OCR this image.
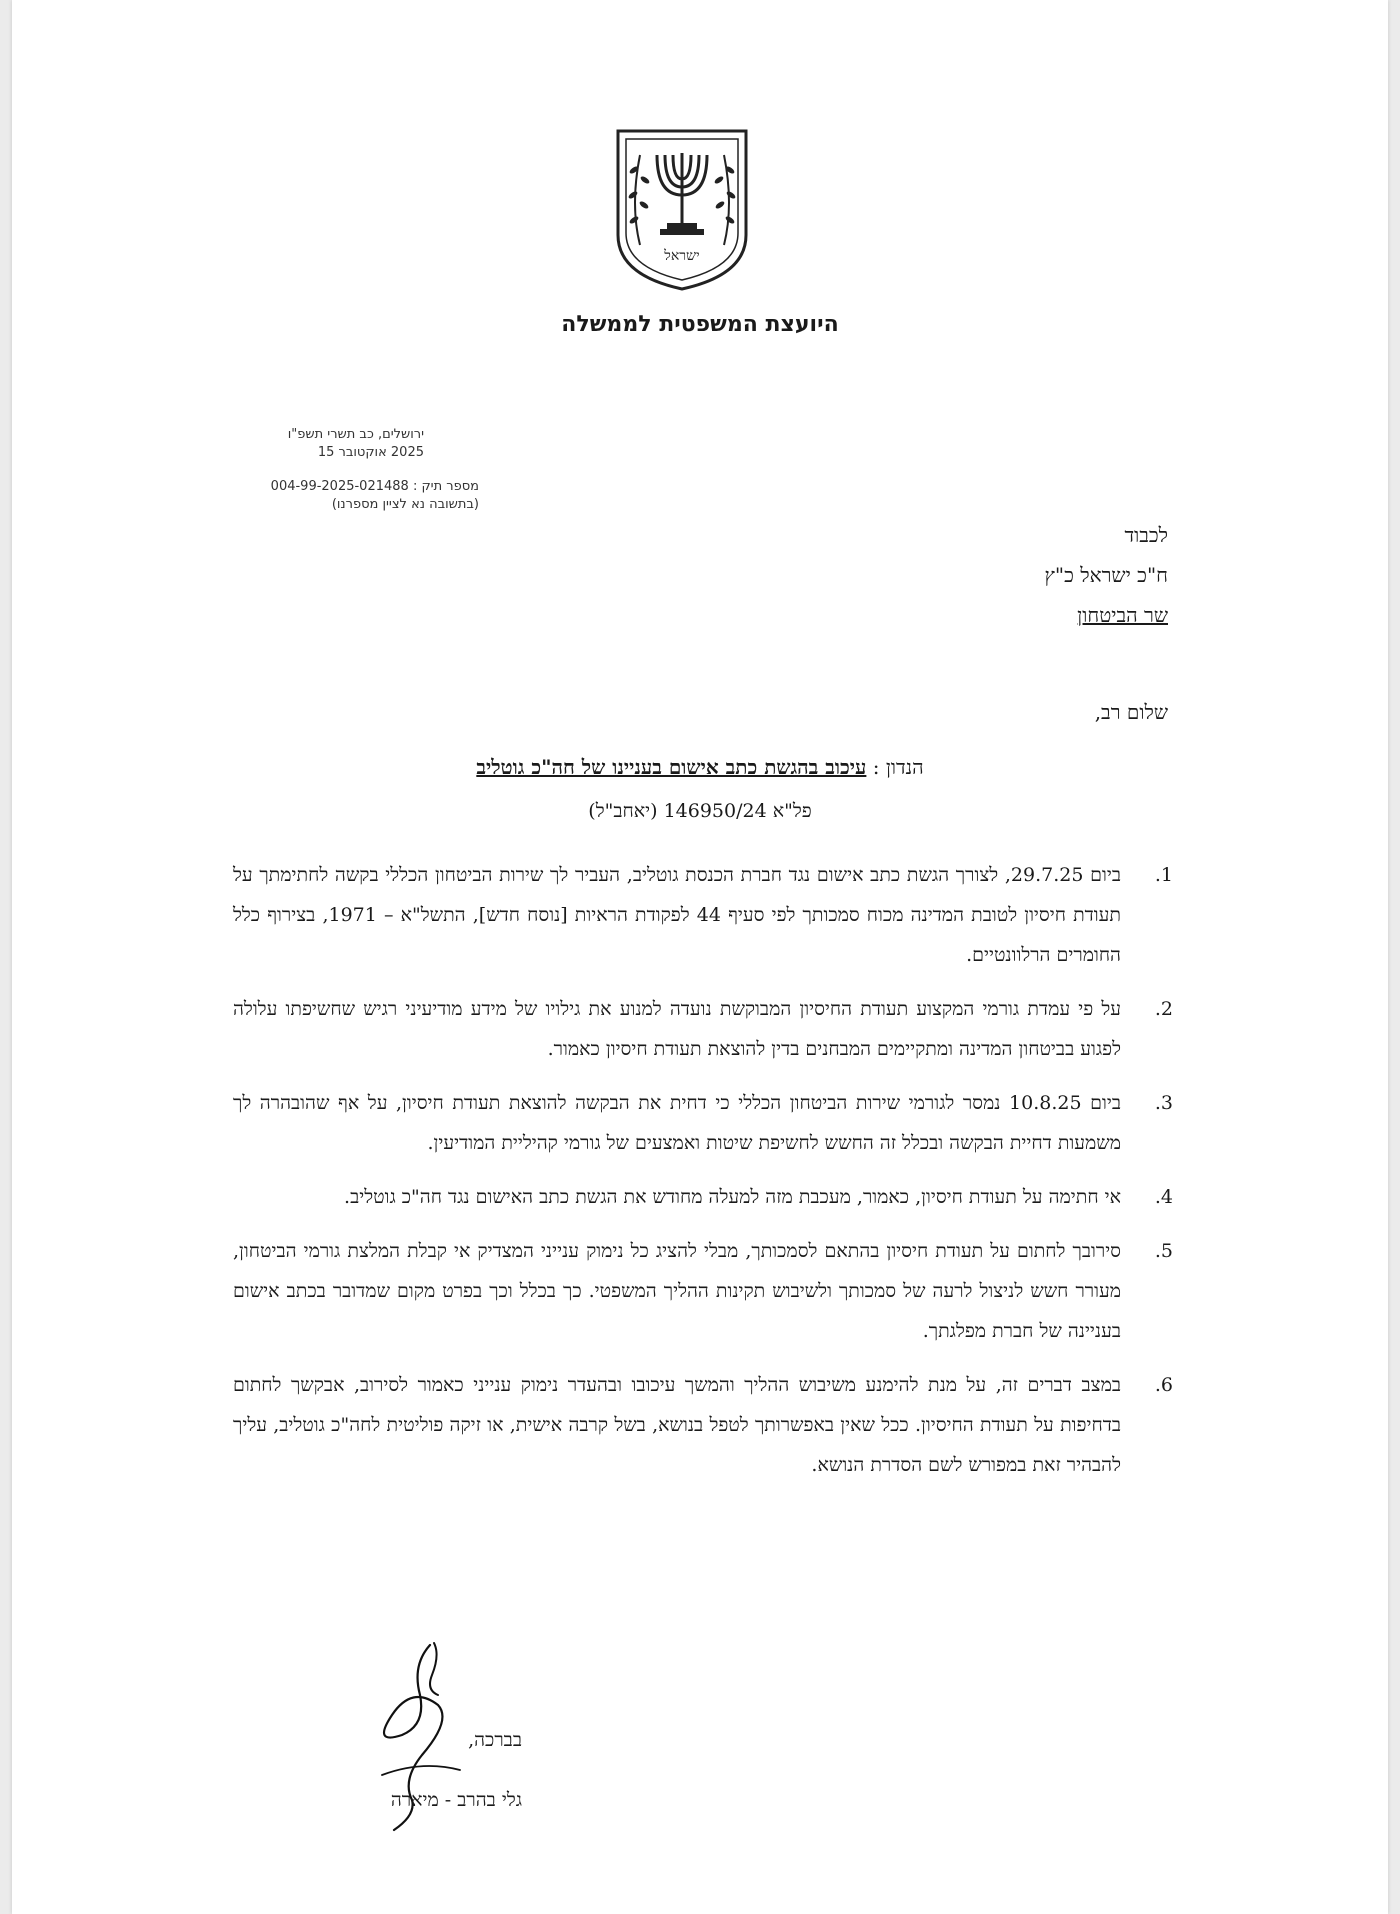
ישראל
היועצת המשפטית לממשלה
ירושלים, כב תשרי תשפ"ו
2025 אוקטובר 15
מספר תיק : 004-99-2025-021488
(בתשובה נא לציין מספרנו)
לכבוד
ח"כ ישראל כ"ץ
שר הביטחון
שלום רב,
הנדון : עיכוב בהגשת כתב אישום בעניינו של חה"כ גוטליב
פל"א 146950/24 (יאחב"ל)
1.
ביום 29.7.25, לצורך הגשת כתב אישום נגד חברת הכנסת גוטליב, העביר לך שירות הביטחון הכללי בקשה לחתימתך על תעודת חיסיון לטובת המדינה מכוח סמכותך לפי סעיף 44 לפקודת הראיות [נוסח חדש], התשל"א – 1971, בצירוף כלל החומרים הרלוונטיים.
2.
על פי עמדת גורמי המקצוע תעודת החיסיון המבוקשת נועדה למנוע את גילויו של מידע מודיעיני רגיש שחשיפתו עלולה לפגוע בביטחון המדינה ומתקיימים המבחנים בדין להוצאת תעודת חיסיון כאמור.
3.
ביום 10.8.25 נמסר לגורמי שירות הביטחון הכללי כי דחית את הבקשה להוצאת תעודת חיסיון, על אף שהובהרה לך משמעות דחיית הבקשה ובכלל זה החשש לחשיפת שיטות ואמצעים של גורמי קהיליית המודיעין.
4.
אי חתימה על תעודת חיסיון, כאמור, מעכבת מזה למעלה מחודש את הגשת כתב האישום נגד חה"כ גוטליב.
5.
סירובך לחתום על תעודת חיסיון בהתאם לסמכותך, מבלי להציג כל נימוק ענייני המצדיק אי קבלת המלצת גורמי הביטחון, מעורר חשש לניצול לרעה של סמכותך ולשיבוש תקינות ההליך המשפטי. כך בכלל וכך בפרט מקום שמדובר בכתב אישום בעניינה של חברת מפלגתך.
6.
במצב דברים זה, על מנת להימנע משיבוש ההליך והמשך עיכובו ובהעדר נימוק ענייני כאמור לסירוב, אבקשך לחתום בדחיפות על תעודת החיסיון. ככל שאין באפשרותך לטפל בנושא, בשל קרבה אישית, או זיקה פוליטית לחה"כ גוטליב, עליך להבהיר זאת במפורש לשם הסדרת הנושא.
בברכה,
גלי בהרב - מיארה
